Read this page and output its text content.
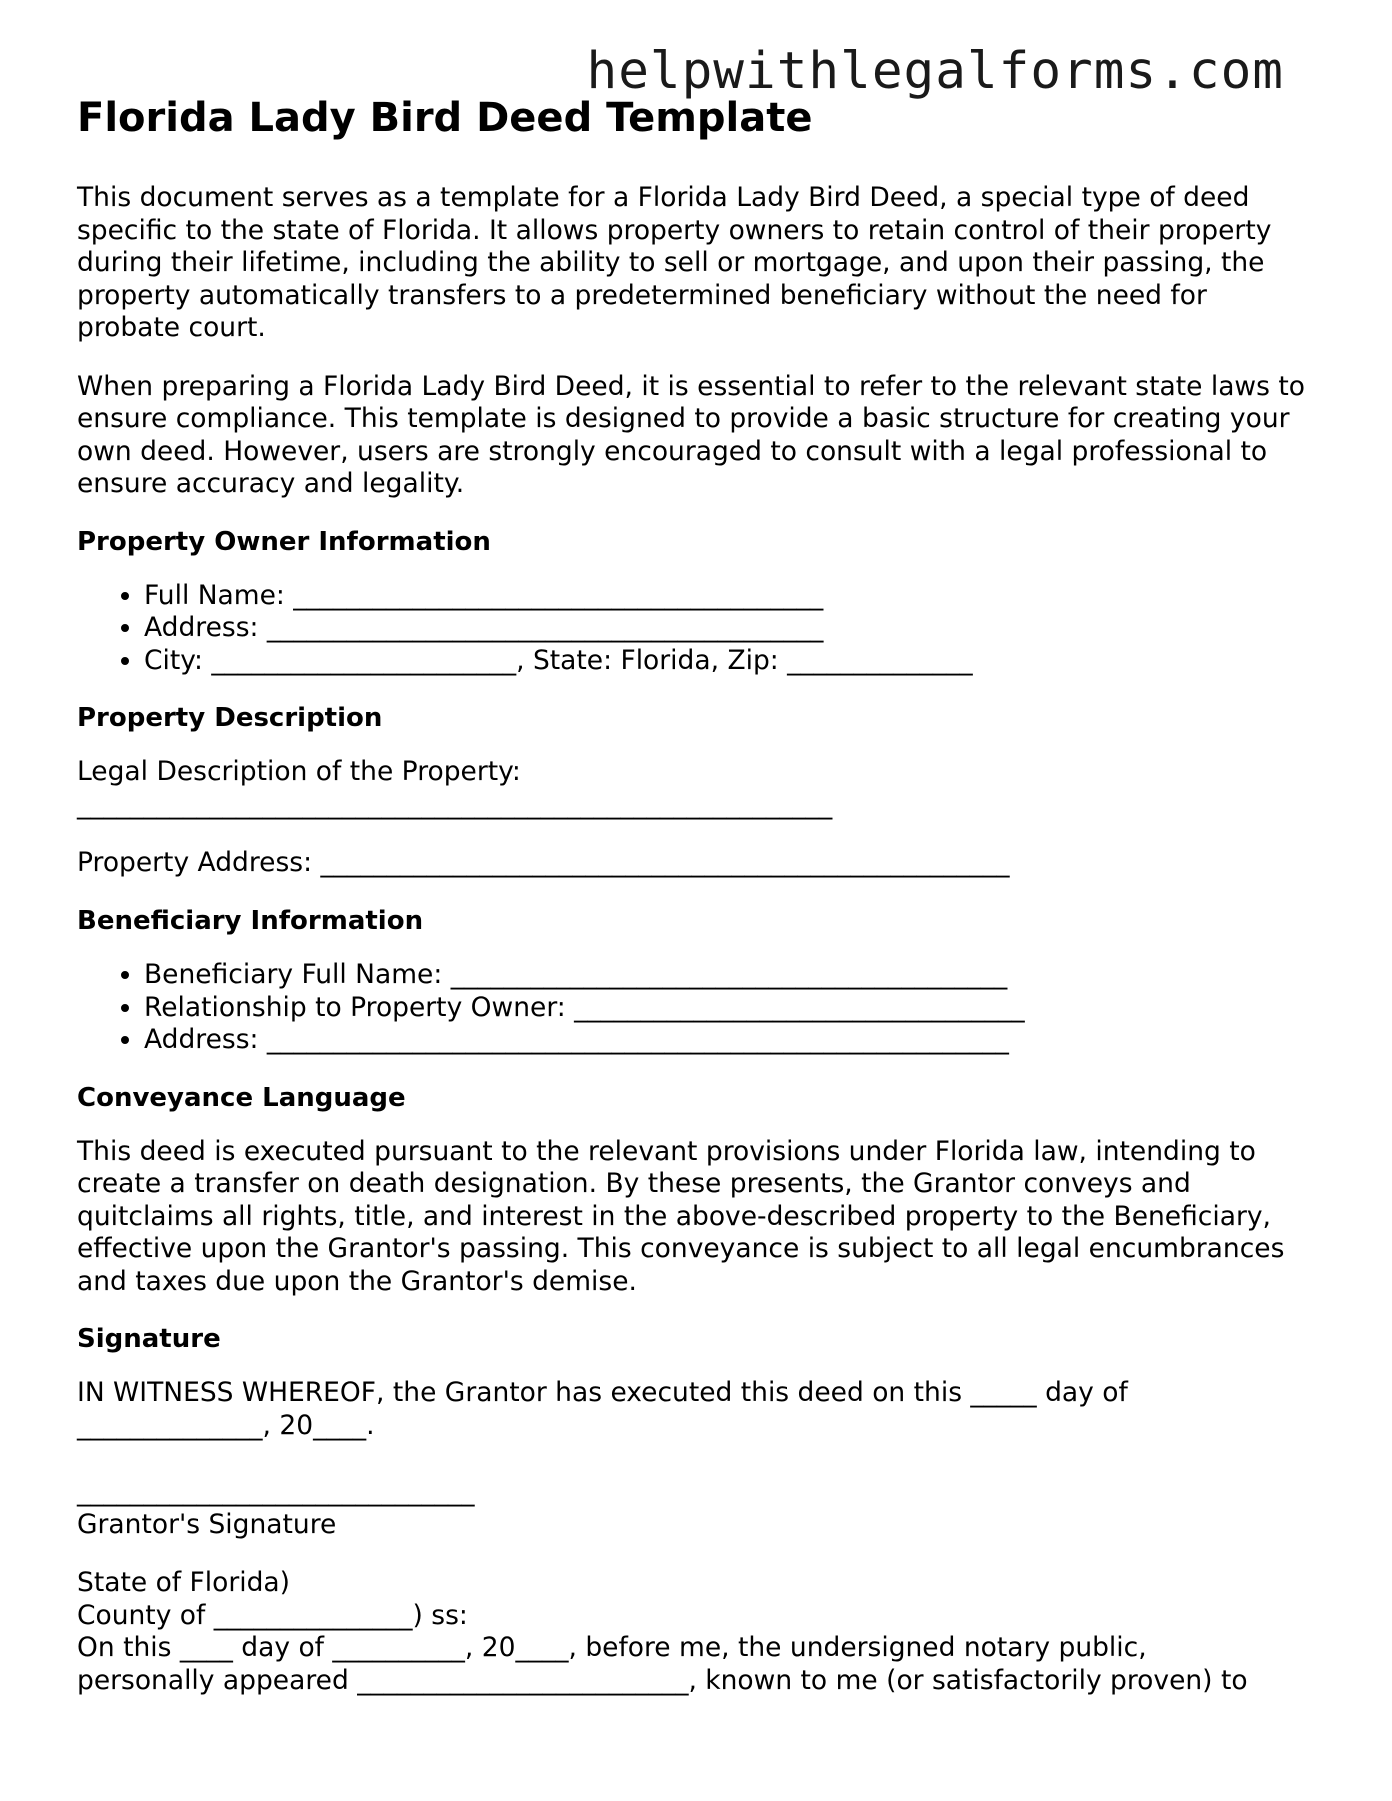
helpwithlegalforms.com
Florida Lady Bird Deed Template

This document serves as a template for a Florida Lady Bird Deed, a special type of deed specific to the state of Florida. It allows property owners to retain control of their property during their lifetime, including the ability to sell or mortgage, and upon their passing, the property automatically transfers to a predetermined beneficiary without the need for probate court.

When preparing a Florida Lady Bird Deed, it is essential to refer to the relevant state laws to ensure compliance. This template is designed to provide a basic structure for creating your own deed. However, users are strongly encouraged to consult with a legal professional to ensure accuracy and legality.

Property Owner Information
• Full Name: ________________________________________
• Address: __________________________________________
• City: _______________________, State: Florida, Zip: ______________
Property Description

Legal Description of the Property:
_________________________________________________________

Property Address: ____________________________________________________

Beneficiary Information
• Beneficiary Full Name: __________________________________________
• Relationship to Property Owner: __________________________________
• Address: ________________________________________________________
Conveyance Language

This deed is executed pursuant to the relevant provisions under Florida law, intending to create a transfer on death designation. By these presents, the Grantor conveys and quitclaims all rights, title, and interest in the above-described property to the Beneficiary, effective upon the Grantor's passing. This conveyance is subject to all legal encumbrances and taxes due upon the Grantor's demise.

Signature

IN WITNESS WHEREOF, the Grantor has executed this deed on this _____ day of
______________, 20____.

______________________________
Grantor's Signature

State of Florida)
County of _______________) ss:
On this ____ day of __________, 20____, before me, the undersigned notary public,
personally appeared _________________________, known to me (or satisfactorily proven) to
